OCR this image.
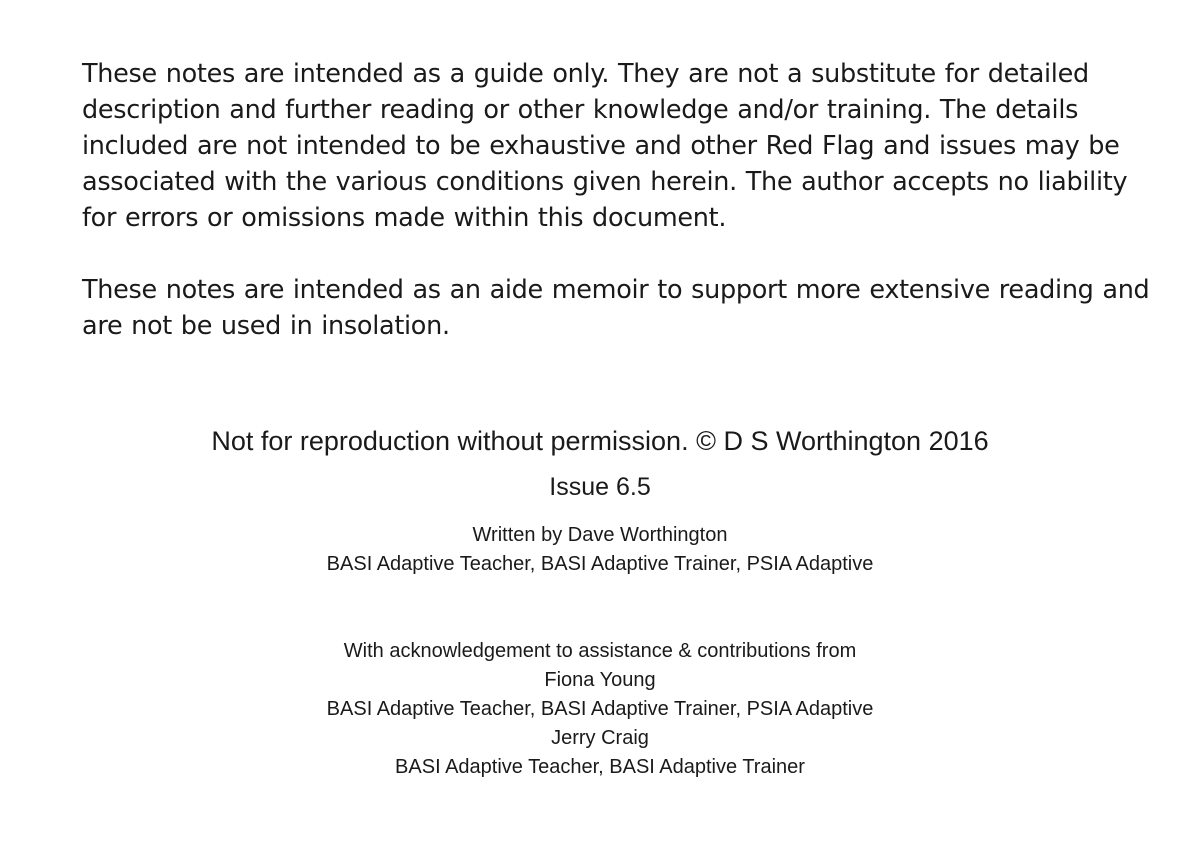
These notes are intended as a guide only. They are not a substitute for detailed
description and further reading or other knowledge and/or training. The details
included are not intended to be exhaustive and other Red Flag and issues may be
associated with the various conditions given herein. The author accepts no liability
for errors or omissions made within this document.

These notes are intended as an aide memoir to support more extensive reading and
are not be used in insolation.

Not for reproduction without permission. © D S Worthington 2016
Issue 6.5
Written by Dave Worthington
BASI Adaptive Teacher, BASI Adaptive Trainer, PSIA Adaptive
With acknowledgement to assistance & contributions from
Fiona Young
BASI Adaptive Teacher, BASI Adaptive Trainer, PSIA Adaptive
Jerry Craig
BASI Adaptive Teacher, BASI Adaptive Trainer
